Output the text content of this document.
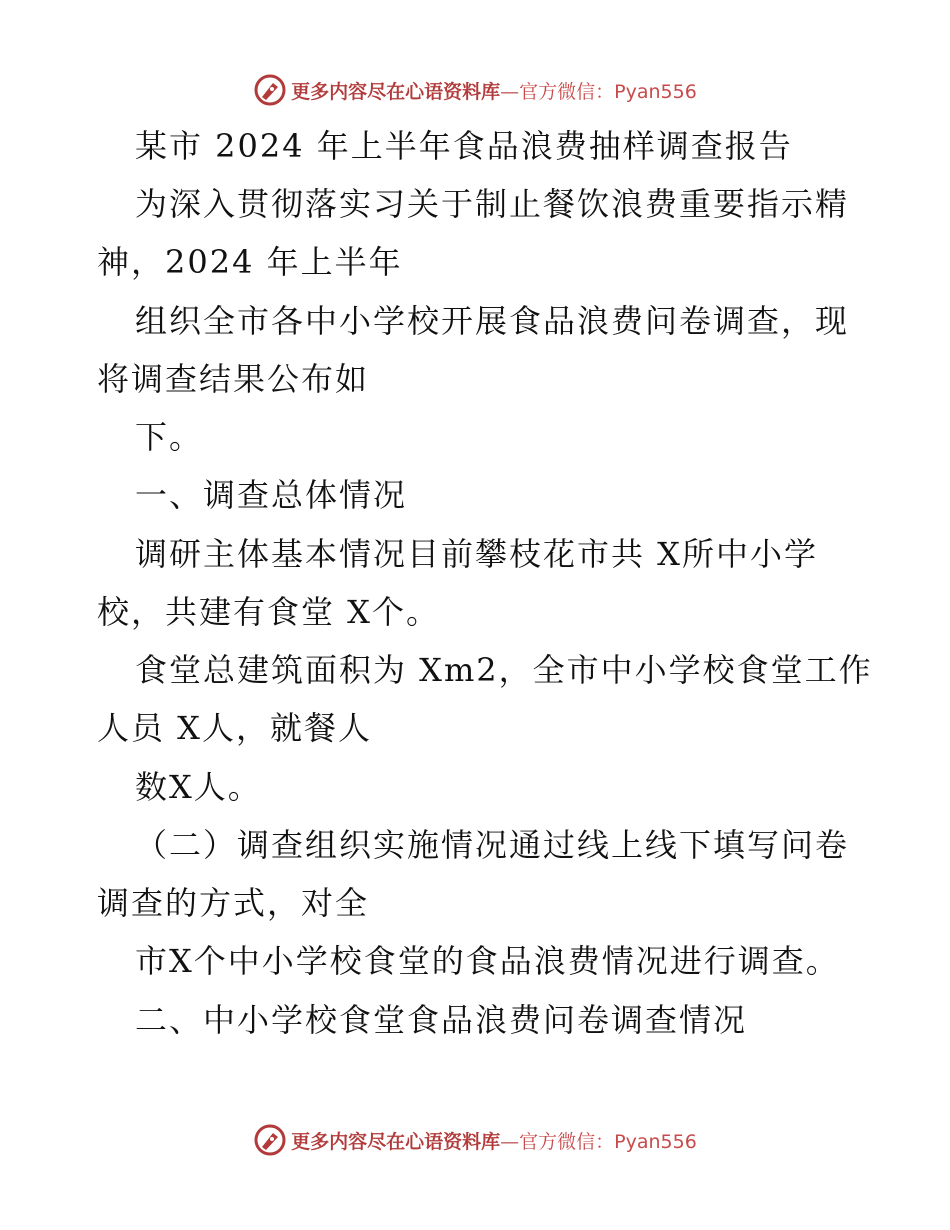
更多内容尽在心语资料库—官方微信：Pyan556
某市 2024 年上半年食品浪费抽样调查报告
为深入贯彻落实习关于制止餐饮浪费重要指示精
神，2024 年上半年
组织全市各中小学校开展食品浪费问卷调查，现
将调查结果公布如
下。
一、调查总体情况
调研主体基本情况目前攀枝花市共 X所中小学
校，共建有食堂 X个。
食堂总建筑面积为 Xm2，全市中小学校食堂工作
人员 X人，就餐人
数X人。
（二）调查组织实施情况通过线上线下填写问卷
调查的方式，对全
市X个中小学校食堂的食品浪费情况进行调查。
二、中小学校食堂食品浪费问卷调查情况
更多内容尽在心语资料库—官方微信：Pyan556
